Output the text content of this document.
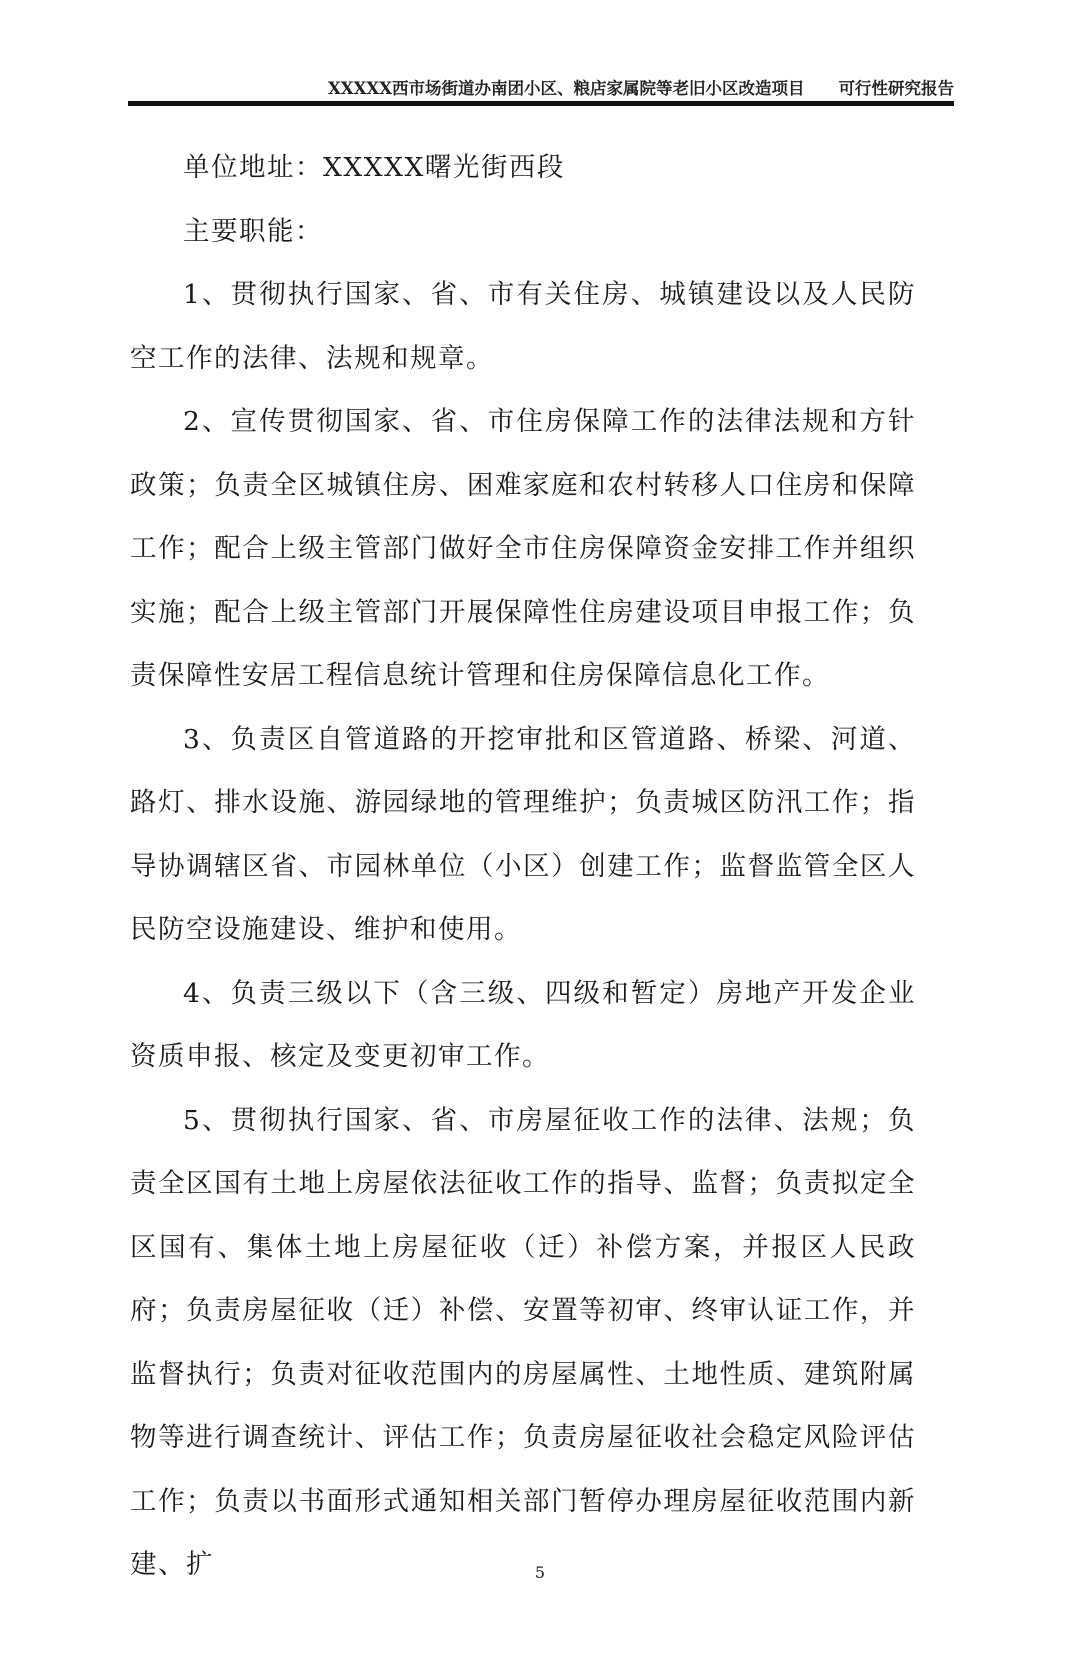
XXXXX西市场街道办南团小区、粮店家属院等老旧小区改造项目 可行性研究报告

单位地址：XXXXX曙光街西段

主要职能：

1、贯彻执行国家、省、市有关住房、城镇建设以及人民防空工作的法律、法规和规章。

2、宣传贯彻国家、省、市住房保障工作的法律法规和方针政策；负责全区城镇住房、困难家庭和农村转移人口住房和保障工作；配合上级主管部门做好全市住房保障资金安排工作并组织实施；配合上级主管部门开展保障性住房建设项目申报工作；负责保障性安居工程信息统计管理和住房保障信息化工作。

3、负责区自管道路的开挖审批和区管道路、桥梁、河道、路灯、排水设施、游园绿地的管理维护；负责城区防汛工作；指导协调辖区省、市园林单位（小区）创建工作；监督监管全区人民防空设施建设、维护和使用。

4、负责三级以下（含三级、四级和暂定）房地产开发企业资质申报、核定及变更初审工作。

5、贯彻执行国家、省、市房屋征收工作的法律、法规；负责全区国有土地上房屋依法征收工作的指导、监督；负责拟定全区国有、集体土地上房屋征收（迁）补偿方案，并报区人民政府；负责房屋征收（迁）补偿、安置等初审、终审认证工作，并监督执行；负责对征收范围内的房屋属性、土地性质、建筑附属物等进行调查统计、评估工作；负责房屋征收社会稳定风险评估工作；负责以书面形式通知相关部门暂停办理房屋征收范围内新建、扩	5
